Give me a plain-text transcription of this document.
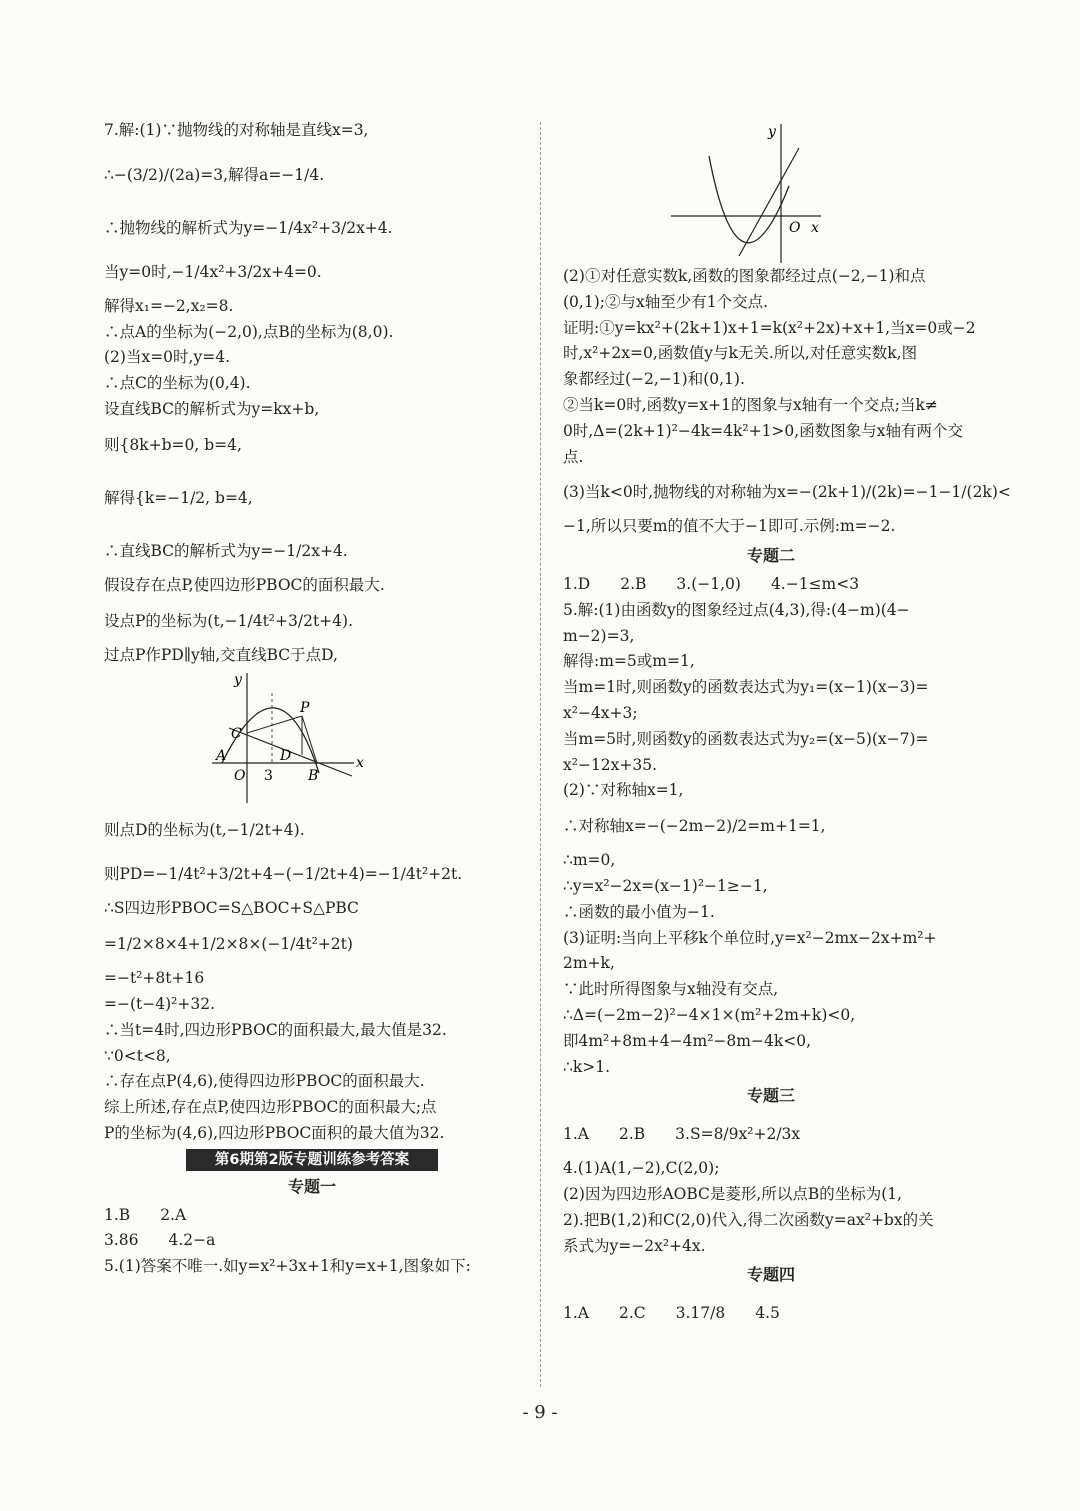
7.解:(1)∵抛物线的对称轴是直线x=3,
∴−(3/2)/(2a)=3,解得a=−1/4.
∴抛物线的解析式为y=−1/4x²+3/2x+4.
当y=0时,−1/4x²+3/2x+4=0.
解得x₁=−2,x₂=8.
∴点A的坐标为(−2,0),点B的坐标为(8,0).
(2)当x=0时,y=4.
∴点C的坐标为(0,4).
设直线BC的解析式为y=kx+b,
则{8k+b=0, b=4,
解得{k=−1/2, b=4,
∴直线BC的解析式为y=−1/2x+4.
假设存在点P,使四边形PBOC的面积最大.
设点P的坐标为(t,−1/4t²+3/2t+4).
过点P作PD∥y轴,交直线BC于点D,
y
x
C
P
A
O 3
D
B
则点D的坐标为(t,−1/2t+4).
则PD=−1/4t²+3/2t+4−(−1/2t+4)=−1/4t²+2t.
∴S四边形PBOC=S△BOC+S△PBC
=1/2×8×4+1/2×8×(−1/4t²+2t)
=−t²+8t+16
=−(t−4)²+32.
∴当t=4时,四边形PBOC的面积最大,最大值是32.
∵0<t<8,
∴存在点P(4,6),使得四边形PBOC的面积最大.
综上所述,存在点P,使四边形PBOC的面积最大;点
P的坐标为(4,6),四边形PBOC面积的最大值为32.
第6期第2版专题训练参考答案
专题一
1.B 2.A
3.86 4.2−a
5.(1)答案不唯一.如y=x²+3x+1和y=x+1,图象如下:
y
O x
(2)①对任意实数k,函数的图象都经过点(−2,−1)和点
(0,1);②与x轴至少有1个交点.
证明:①y=kx²+(2k+1)x+1=k(x²+2x)+x+1,当x=0或−2
时,x²+2x=0,函数值y与k无关.所以,对任意实数k,图
象都经过(−2,−1)和(0,1).
②当k=0时,函数y=x+1的图象与x轴有一个交点;当k≠
0时,Δ=(2k+1)²−4k=4k²+1>0,函数图象与x轴有两个交
点.
(3)当k<0时,抛物线的对称轴为x=−(2k+1)/(2k)=−1−1/(2k)<
−1,所以只要m的值不大于−1即可.示例:m=−2.
专题二
1.D 2.B 3.(−1,0) 4.−1≤m<3
5.解:(1)由函数y的图象经过点(4,3),得:(4−m)(4−
m−2)=3,
解得:m=5或m=1,
当m=1时,则函数y的函数表达式为y₁=(x−1)(x−3)=
x²−4x+3;
当m=5时,则函数y的函数表达式为y₂=(x−5)(x−7)=
x²−12x+35.
(2)∵对称轴x=1,
∴对称轴x=−(−2m−2)/2=m+1=1,
∴m=0,
∴y=x²−2x=(x−1)²−1≥−1,
∴函数的最小值为−1.
(3)证明:当向上平移k个单位时,y=x²−2mx−2x+m²+
2m+k,
∵此时所得图象与x轴没有交点,
∴Δ=(−2m−2)²−4×1×(m²+2m+k)<0,
即4m²+8m+4−4m²−8m−4k<0,
∴k>1.
专题三
1.A 2.B 3.S=8/9x²+2/3x
4.(1)A(1,−2),C(2,0);
(2)因为四边形AOBC是菱形,所以点B的坐标为(1,
2).把B(1,2)和C(2,0)代入,得二次函数y=ax²+bx的关
系式为y=−2x²+4x.
专题四
1.A 2.C 3.17/8 4.5
- 9 -
